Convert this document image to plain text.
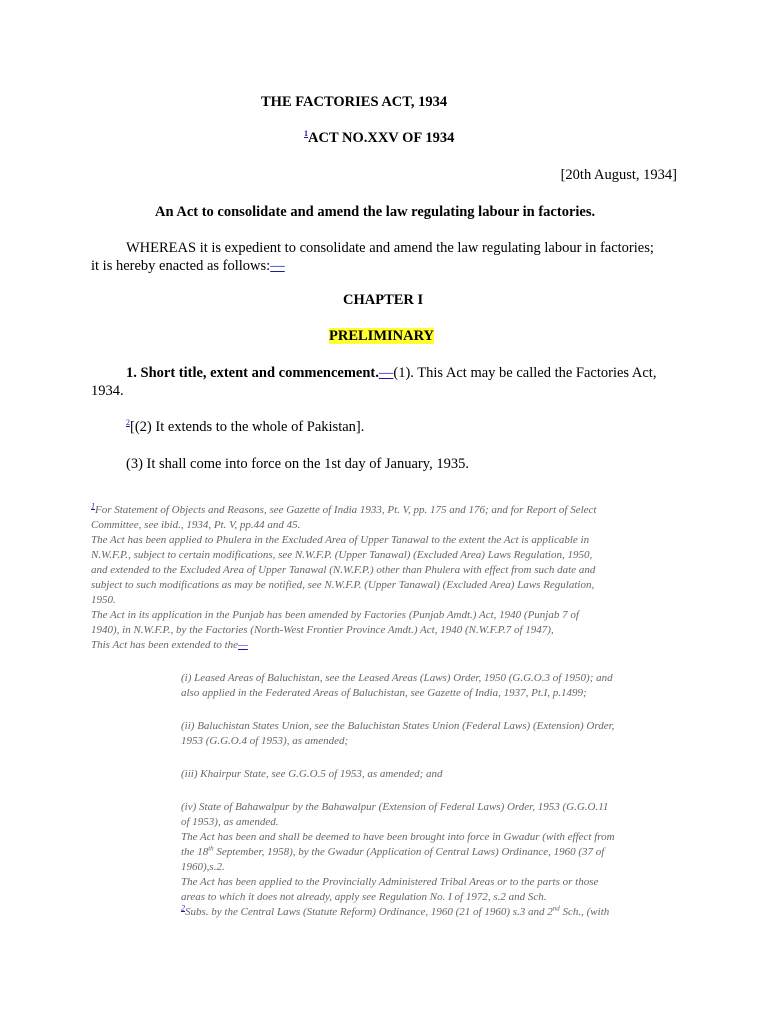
THE FACTORIES ACT, 1934
$^1$ACT NO.XXV OF 1934
[20th August, 1934]
An Act to consolidate and amend the law regulating labour in factories.
WHEREAS it is expedient to consolidate and amend the law regulating labour in factories;
it is hereby enacted as follows:—
CHAPTER I
PRELIMINARY
1. Short title, extent and commencement.—(1). This Act may be called the Factories Act,
1934.
$^2$[(2) It extends to the whole of Pakistan].
(3) It shall come into force on the 1st day of January, 1935.
$^1$For Statement of Objects and Reasons, see Gazette of India 1933, Pt. V, pp. 175 and 176; and for Report of Select
Committee, see ibid., 1934, Pt. V, pp.44 and 45.
The Act has been applied to Phulera in the Excluded Area of Upper Tanawal to the extent the Act is applicable in
N.W.F.P., subject to certain modifications, see N.W.F.P. (Upper Tanawal) (Excluded Area) Laws Regulation, 1950,
and extended to the Excluded Area of Upper Tanawal (N.W.F.P.) other than Phulera with effect from such date and
subject to such modifications as may be notified, see N.W.F.P. (Upper Tanawal) (Excluded Area) Laws Regulation,
1950.
The Act in its application in the Punjab has been amended by Factories (Punjab Amdt.) Act, 1940 (Punjab 7 of
1940), in N.W.F.P., by the Factories (North-West Frontier Province Amdt.) Act, 1940 (N.W.F.P.7 of 1947),
This Act has been extended to the—
(i) Leased Areas of Baluchistan, see the Leased Areas (Laws) Order, 1950 (G.G.O.3 of 1950); and
also applied in the Federated Areas of Baluchistan, see Gazette of India, 1937, Pt.I, p.1499;
(ii) Baluchistan States Union, see the Baluchistan States Union (Federal Laws) (Extension) Order,
1953 (G.G.O.4 of 1953), as amended;
(iii) Khairpur State, see G.G.O.5 of 1953, as amended; and
(iv) State of Bahawalpur by the Bahawalpur (Extension of Federal Laws) Order, 1953 (G.G.O.11
of 1953), as amended.
The Act has been and shall be deemed to have been brought into force in Gwadur (with effect from
the 18th September, 1958), by the Gwadur (Application of Central Laws) Ordinance, 1960 (37 of
1960),s.2.
The Act has been applied to the Provincially Administered Tribal Areas or to the parts or those
areas to which it does not already, apply see Regulation No. I of 1972, s.2 and Sch.
$^2$Subs. by the Central Laws (Statute Reform) Ordinance, 1960 (21 of 1960) s.3 and 2nd Sch., (with
